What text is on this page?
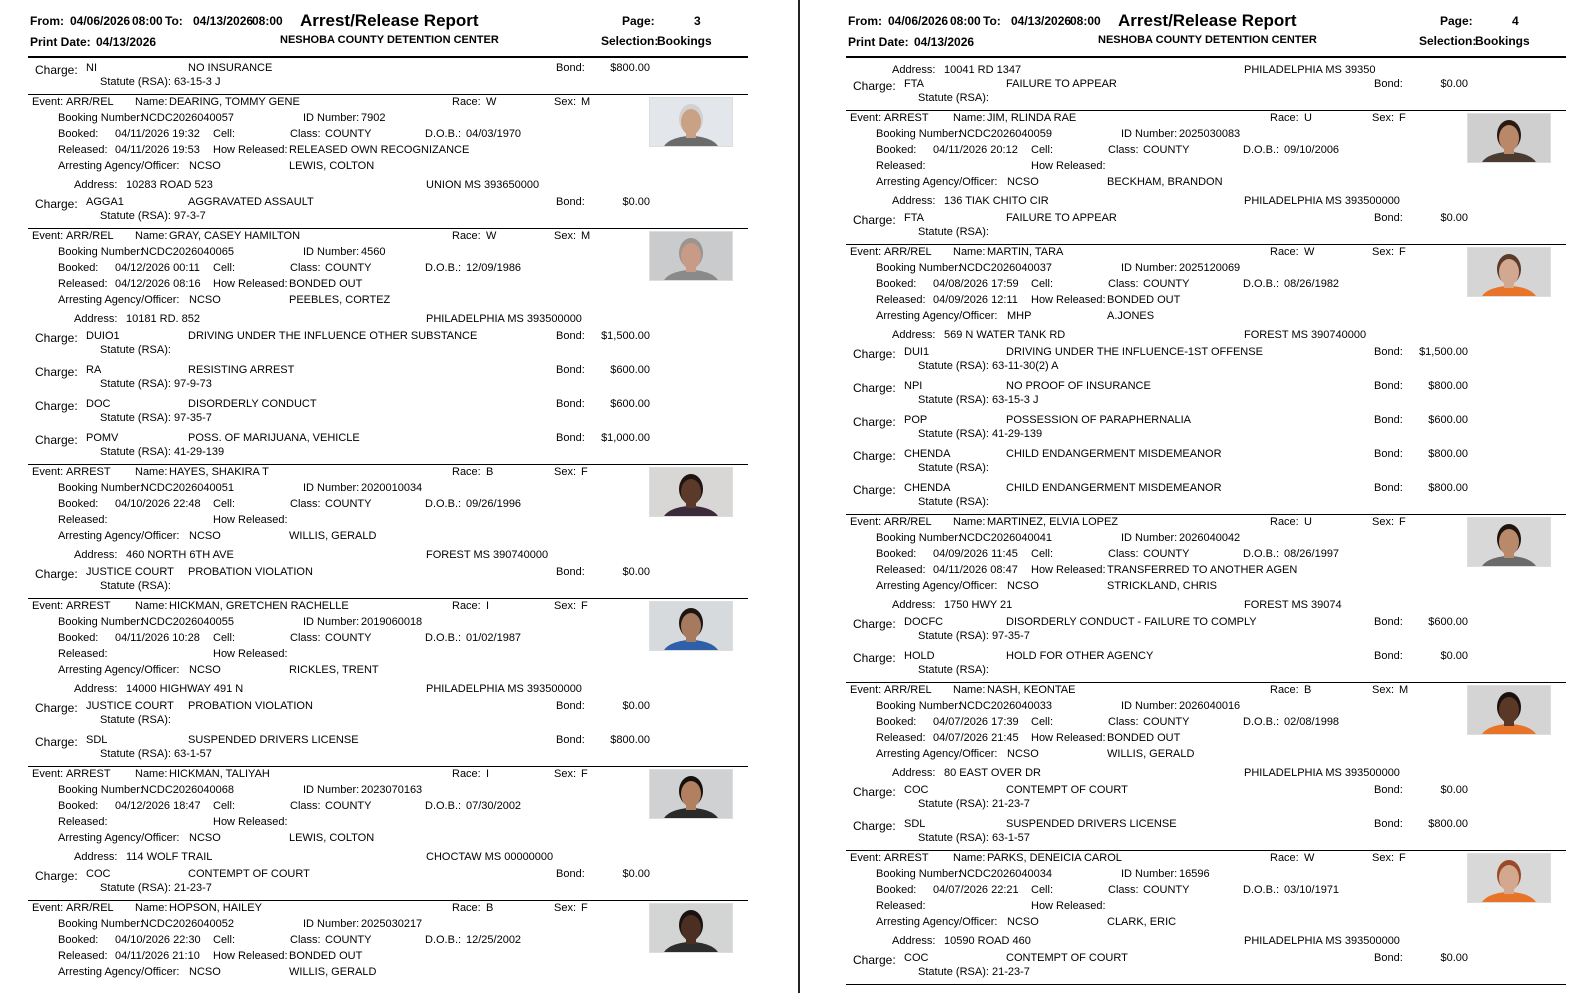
From: 04/06/2026 08:00 To: 04/13/2026
08:00	Page:	3
Print Date: 04/13/2026	NESHOBA COUNTY DETENTION CENTER	Selection:
Bookings
Arrest/Release Report
Charge: NI	NO INSURANCE	Bond:	$800.00
Statute (RSA): 63-15-3 J
Event: ARR/REL Name: DEARING, TOMMY GENE	Race: W	Sex: M
Booking Number:
NCDC2026040057	ID Number: 7902
Booked: 04/11/2026 19:32 Cell:	Class: COUNTY	D.O.B.: 04/03/1970
Released: 04/11/2026 19:53 How Released: RELEASED OWN RECOGNIZANCE
Arresting Agency/Officer: NCSO	LEWIS, COLTON
Address: 10283 ROAD 523	UNION MS 393650000
Charge: AGGA1	AGGRAVATED ASSAULT	Bond:	$0.00
Statute (RSA): 97-3-7
Event: ARR/REL Name: GRAY, CASEY HAMILTON	Race: W	Sex: M
Booking Number:
NCDC2026040065	ID Number: 4560
Booked: 04/12/2026 00:11 Cell:	Class: COUNTY	D.O.B.: 12/09/1986
Released: 04/12/2026 08:16 How Released: BONDED OUT
Arresting Agency/Officer: NCSO	PEEBLES, CORTEZ
Address: 10181 RD. 852	PHILADELPHIA MS 393500000
Charge: DUIO1	DRIVING UNDER THE INFLUENCE OTHER SUBSTANCE	Bond:	$1,500.00
Statute (RSA):
Charge: RA	RESISTING ARREST	Bond:	$600.00
Statute (RSA): 97-9-73
Charge: DOC	DISORDERLY CONDUCT	Bond:	$600.00
Statute (RSA): 97-35-7
Charge: POMV	POSS. OF MARIJUANA, VEHICLE	Bond:	$1,000.00
Statute (RSA): 41-29-139
Event: ARREST Name: HAYES, SHAKIRA T	Race: B	Sex: F
Booking Number:
NCDC2026040051	ID Number: 2020010034
Booked: 04/10/2026 22:48 Cell:	Class: COUNTY	D.O.B.: 09/26/1996
Released:	How Released:
Arresting Agency/Officer: NCSO	WILLIS, GERALD
Address: 460 NORTH 6TH AVE	FOREST MS 390740000
Charge: JUSTICE COURT PROBATION VIOLATION	Bond:	$0.00
Statute (RSA):
Event: ARREST Name: HICKMAN, GRETCHEN RACHELLE	Race: I	Sex: F
Booking Number:
NCDC2026040055	ID Number: 2019060018
Booked: 04/11/2026 10:28 Cell:	Class: COUNTY	D.O.B.: 01/02/1987
Released:	How Released:
Arresting Agency/Officer: NCSO	RICKLES, TRENT
Address: 14000 HIGHWAY 491 N	PHILADELPHIA MS 393500000
Charge: JUSTICE COURT PROBATION VIOLATION	Bond:	$0.00
Statute (RSA):
Charge: SDL	SUSPENDED DRIVERS LICENSE	Bond:	$800.00
Statute (RSA): 63-1-57
Event: ARREST Name: HICKMAN, TALIYAH	Race: I	Sex: F
Booking Number:
NCDC2026040068	ID Number: 2023070163
Booked: 04/12/2026 18:47 Cell:	Class: COUNTY	D.O.B.: 07/30/2002
Released:	How Released:
Arresting Agency/Officer: NCSO	LEWIS, COLTON
Address: 114 WOLF TRAIL	CHOCTAW MS 00000000
Charge: COC	CONTEMPT OF COURT	Bond:	$0.00
Statute (RSA): 21-23-7
Event: ARR/REL Name: HOPSON, HAILEY	Race: B	Sex: F
Booking Number:
NCDC2026040052	ID Number: 2025030217
Booked: 04/10/2026 22:30 Cell:	Class: COUNTY	D.O.B.: 12/25/2002
Released: 04/11/2026 21:10 How Released: BONDED OUT
Arresting Agency/Officer: NCSO	WILLIS, GERALD
From: 04/06/2026 08:00 To: 04/13/2026
08:00	Page:	4
Print Date: 04/13/2026	NESHOBA COUNTY DETENTION CENTER	Selection:
Bookings
Arrest/Release Report
Address: 10041 RD 1347	PHILADELPHIA MS 39350
Charge: FTA	FAILURE TO APPEAR	Bond:	$0.00
Statute (RSA):
Event: ARREST Name: JIM, RLINDA RAE	Race: U	Sex: F
Booking Number:
NCDC2026040059	ID Number: 2025030083
Booked: 04/11/2026 20:12 Cell:	Class: COUNTY	D.O.B.: 09/10/2006
Released:	How Released:
Arresting Agency/Officer: NCSO	BECKHAM, BRANDON
Address: 136 TIAK CHITO CIR	PHILADELPHIA MS 393500000
Charge: FTA	FAILURE TO APPEAR	Bond:	$0.00
Statute (RSA):
Event: ARR/REL Name: MARTIN, TARA	Race: W	Sex: F
Booking Number:
NCDC2026040037	ID Number: 2025120069
Booked: 04/08/2026 17:59 Cell:	Class: COUNTY	D.O.B.: 08/26/1982
Released: 04/09/2026 12:11 How Released: BONDED OUT
Arresting Agency/Officer: MHP	A.JONES
Address: 569 N WATER TANK RD	FOREST MS 390740000
Charge: DUI1	DRIVING UNDER THE INFLUENCE-1ST OFFENSE	Bond:	$1,500.00
Statute (RSA): 63-11-30(2) A
Charge: NPI	NO PROOF OF INSURANCE	Bond:	$800.00
Statute (RSA): 63-15-3 J
Charge: POP	POSSESSION OF PARAPHERNALIA	Bond:	$600.00
Statute (RSA): 41-29-139
Charge: CHENDA	CHILD ENDANGERMENT MISDEMEANOR	Bond:	$800.00
Statute (RSA):
Charge: CHENDA	CHILD ENDANGERMENT MISDEMEANOR	Bond:	$800.00
Statute (RSA):
Event: ARR/REL Name: MARTINEZ, ELVIA LOPEZ	Race: U	Sex: F
Booking Number:
NCDC2026040041	ID Number: 2026040042
Booked: 04/09/2026 11:45 Cell:	Class: COUNTY	D.O.B.: 08/26/1997
Released: 04/11/2026 08:47 How Released: TRANSFERRED TO ANOTHER AGEN
Arresting Agency/Officer: NCSO	STRICKLAND, CHRIS
Address: 1750 HWY 21	FOREST MS 39074
Charge: DOCFC	DISORDERLY CONDUCT - FAILURE TO COMPLY	Bond:	$600.00
Statute (RSA): 97-35-7
Charge: HOLD	HOLD FOR OTHER AGENCY	Bond:	$0.00
Statute (RSA):
Event: ARR/REL Name: NASH, KEONTAE	Race: B	Sex: M
Booking Number:
NCDC2026040033	ID Number: 2026040016
Booked: 04/07/2026 17:39 Cell:	Class: COUNTY	D.O.B.: 02/08/1998
Released: 04/07/2026 21:45 How Released: BONDED OUT
Arresting Agency/Officer: NCSO	WILLIS, GERALD
Address: 80 EAST OVER DR	PHILADELPHIA MS 393500000
Charge: COC	CONTEMPT OF COURT	Bond:	$0.00
Statute (RSA): 21-23-7
Charge: SDL	SUSPENDED DRIVERS LICENSE	Bond:	$800.00
Statute (RSA): 63-1-57
Event: ARREST Name: PARKS, DENEICIA CAROL	Race: W	Sex: F
Booking Number:
NCDC2026040034	ID Number: 16596
Booked: 04/07/2026 22:21 Cell:	Class: COUNTY	D.O.B.: 03/10/1971
Released:	How Released:
Arresting Agency/Officer: NCSO	CLARK, ERIC
Address: 10590 ROAD 460	PHILADELPHIA MS 393500000
Charge: COC	CONTEMPT OF COURT	Bond:	$0.00
Statute (RSA): 21-23-7
